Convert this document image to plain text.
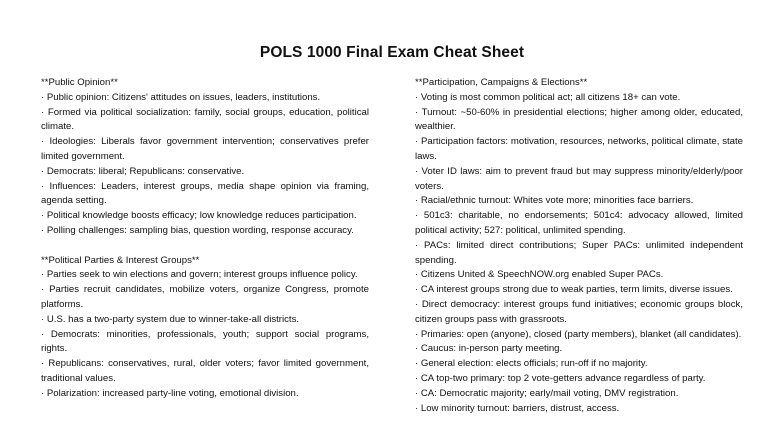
POLS 1000 Final Exam Cheat Sheet

**Public Opinion**

· Public opinion: Citizens' attitudes on issues, leaders, institutions.

· Formed via political socialization: family, social groups, education, political climate.

· Ideologies: Liberals favor government intervention; conservatives prefer limited government.

· Democrats: liberal; Republicans: conservative.

· Influences: Leaders, interest groups, media shape opinion via framing, agenda setting.

· Political knowledge boosts efficacy; low knowledge reduces participation.

· Polling challenges: sampling bias, question wording, response accuracy.

**Political Parties & Interest Groups**

· Parties seek to win elections and govern; interest groups influence policy.

· Parties recruit candidates, mobilize voters, organize Congress, promote platforms.

· U.S. has a two-party system due to winner-take-all districts.

· Democrats: minorities, professionals, youth; support social programs, rights.

· Republicans: conservatives, rural, older voters; favor limited government, traditional values.

· Polarization: increased party-line voting, emotional division.

**Participation, Campaigns & Elections**

· Voting is most common political act; all citizens 18+ can vote.

· Turnout: ~50-60% in presidential elections; higher among older, educated, wealthier.

· Participation factors: motivation, resources, networks, political climate, state laws.

· Voter ID laws: aim to prevent fraud but may suppress minority/elderly/poor voters.

· Racial/ethnic turnout: Whites vote more; minorities face barriers.

· 501c3: charitable, no endorsements; 501c4: advocacy allowed, limited political activity; 527: political, unlimited spending.

· PACs: limited direct contributions; Super PACs: unlimited independent spending.

· Citizens United & SpeechNOW.org enabled Super PACs.

· CA interest groups strong due to weak parties, term limits, diverse issues.

· Direct democracy: interest groups fund initiatives; economic groups block, citizen groups pass with grassroots.

· Primaries: open (anyone), closed (party members), blanket (all candidates).

· Caucus: in-person party meeting.

· General election: elects officials; run-off if no majority.

· CA top-two primary: top 2 vote-getters advance regardless of party.

· CA: Democratic majority; early/mail voting, DMV registration.

· Low minority turnout: barriers, distrust, access.
